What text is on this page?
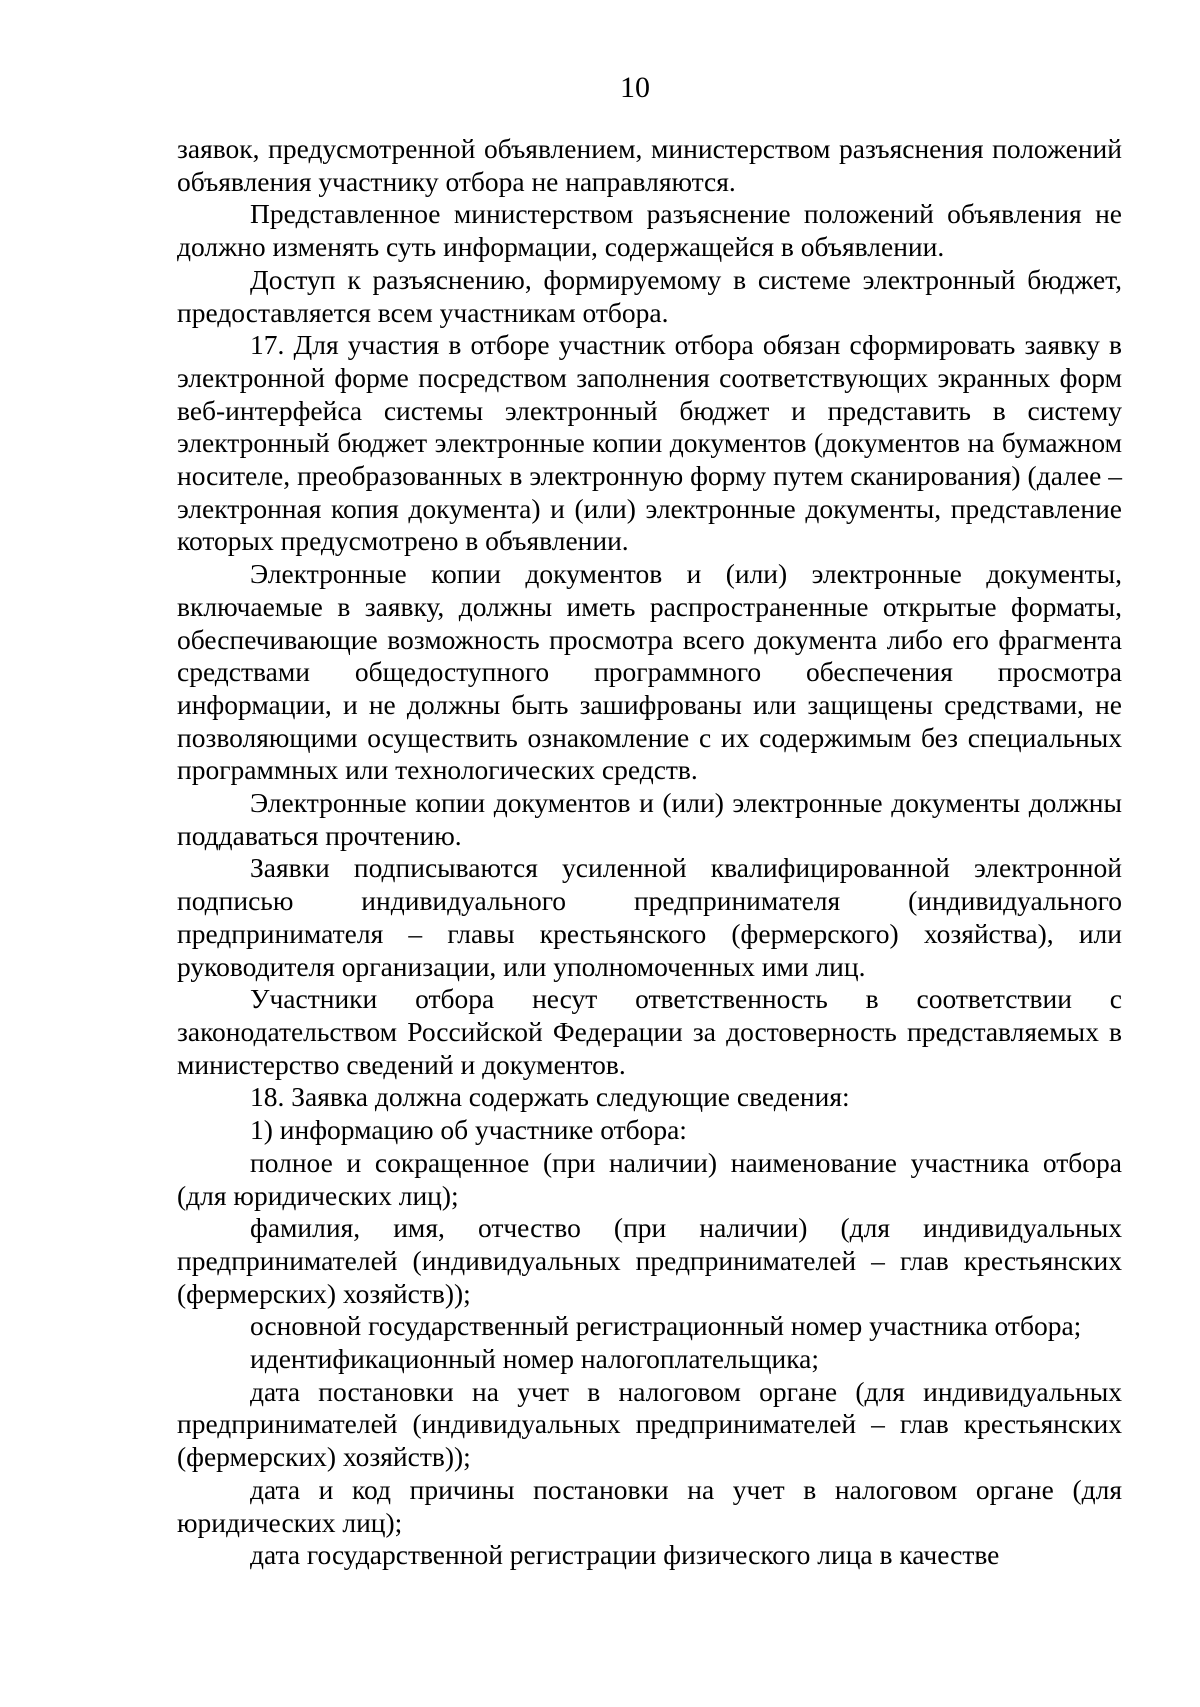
10

заявок, предусмотренной объявлением, министерством разъяснения положений объявления участнику отбора не направляются.

Представленное министерством разъяснение положений объявления не должно изменять суть информации, содержащейся в объявлении.

Доступ к разъяснению, формируемому в системе электронный бюджет, предоставляется всем участникам отбора.

17. Для участия в отборе участник отбора обязан сформировать заявку в электронной форме посредством заполнения соответствующих экранных форм веб-интерфейса системы электронный бюджет и представить в систему электронный бюджет электронные копии документов (документов на бумажном носителе, преобразованных в электронную форму путем сканирования) (далее – электронная копия документа) и (или) электронные документы, представление которых предусмотрено в объявлении.

Электронные копии документов и (или) электронные документы, включаемые в заявку, должны иметь распространенные открытые форматы, обеспечивающие возможность просмотра всего документа либо его фрагмента средствами общедоступного программного обеспечения просмотра информации, и не должны быть зашифрованы или защищены средствами, не позволяющими осуществить ознакомление с их содержимым без специальных программных или технологических средств.

Электронные копии документов и (или) электронные документы должны поддаваться прочтению.

Заявки подписываются усиленной квалифицированной электронной подписью индивидуального предпринимателя (индивидуального предпринимателя – главы крестьянского (фермерского) хозяйства), или руководителя организации, или уполномоченных ими лиц.

Участники отбора несут ответственность в соответствии с законодательством Российской Федерации за достоверность представляемых в министерство сведений и документов.

18. Заявка должна содержать следующие сведения:

1) информацию об участнике отбора:

полное и сокращенное (при наличии) наименование участника отбора (для юридических лиц);

фамилия, имя, отчество (при наличии) (для индивидуальных предпринимателей (индивидуальных предпринимателей – глав крестьянских (фермерских) хозяйств));

основной государственный регистрационный номер участника отбора;

идентификационный номер налогоплательщика;

дата постановки на учет в налоговом органе (для индивидуальных предпринимателей (индивидуальных предпринимателей – глав крестьянских (фермерских) хозяйств));

дата и код причины постановки на учет в налоговом органе (для юридических лиц);

дата государственной регистрации физического лица в качестве
